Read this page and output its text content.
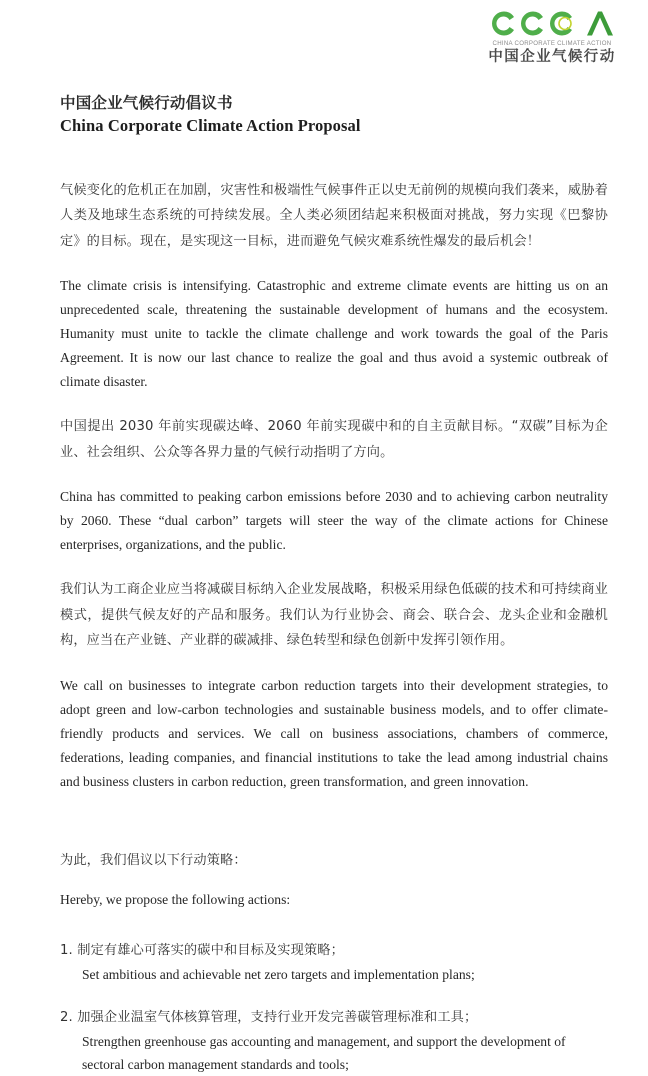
CHINA CORPORATE CLIMATE ACTION
中国企业气候行动
中国企业气候行动倡议书
China Corporate Climate Action Proposal

气候变化的危机正在加剧，灾害性和极端性气候事件正以史无前例的规模向我们袭来，威胁着人类及地球生态系统的可持续发展。全人类必须团结起来积极面对挑战，努力实现《巴黎协定》的目标。现在，是实现这一目标，进而避免气候灾难系统性爆发的最后机会！

The climate crisis is intensifying. Catastrophic and extreme climate events are hitting us on an unprecedented scale, threatening the sustainable development of humans and the ecosystem. Humanity must unite to tackle the climate challenge and work towards the goal of the Paris Agreement. It is now our last chance to realize the goal and thus avoid a systemic outbreak of climate disaster.

中国提出 2030 年前实现碳达峰、2060 年前实现碳中和的自主贡献目标。“双碳”目标为企业、社会组织、公众等各界力量的气候行动指明了方向。

China has committed to peaking carbon emissions before 2030 and to achieving carbon neutrality by 2060. These “dual carbon” targets will steer the way of the climate actions for Chinese enterprises, organizations, and the public.

我们认为工商企业应当将减碳目标纳入企业发展战略，积极采用绿色低碳的技术和可持续商业模式，提供气候友好的产品和服务。我们认为行业协会、商会、联合会、龙头企业和金融机构，应当在产业链、产业群的碳减排、绿色转型和绿色创新中发挥引领作用。

We call on businesses to integrate carbon reduction targets into their development strategies, to adopt green and low-carbon technologies and sustainable business models, and to offer climate-friendly products and services. We call on business associations, chambers of commerce, federations, leading companies, and financial institutions to take the lead among industrial chains and business clusters in carbon reduction, green transformation, and green innovation.

为此，我们倡议以下行动策略：

Hereby, we propose the following actions:

1. 制定有雄心可落实的碳中和目标及实现策略；
Set ambitious and achievable net zero targets and implementation plans;
2. 加强企业温室气体核算管理，支持行业开发完善碳管理标准和工具；
Strengthen greenhouse gas accounting and management, and support the development of sectoral carbon management standards and tools;
